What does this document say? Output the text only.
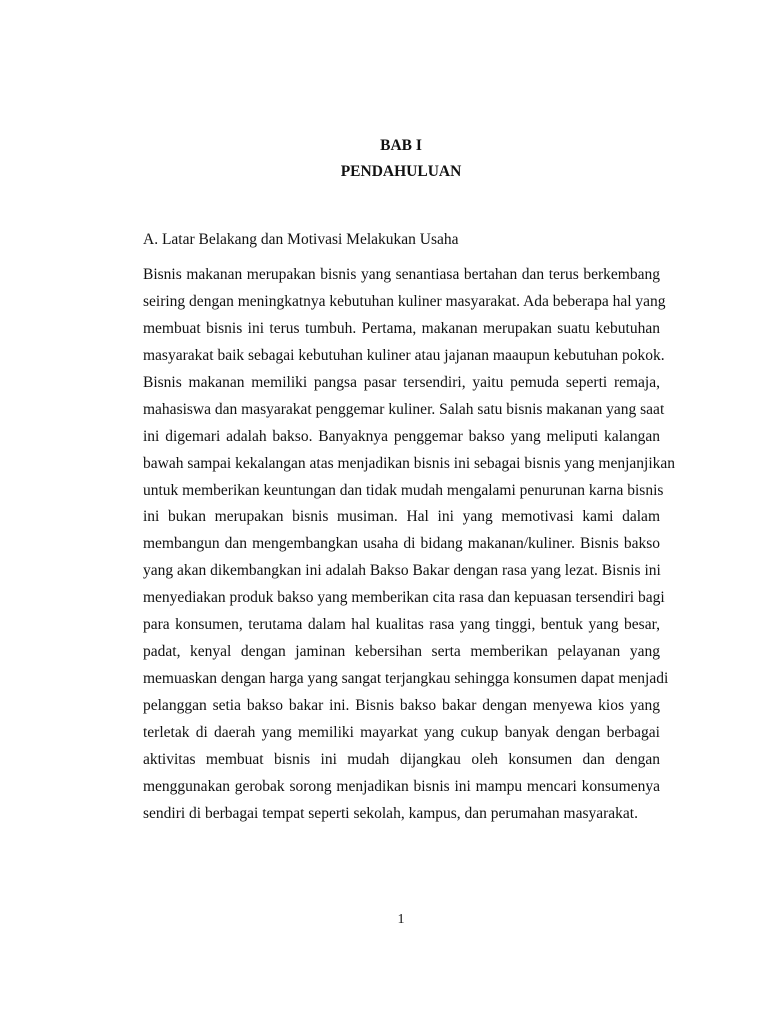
BAB I
PENDAHULUAN
A. Latar Belakang dan Motivasi Melakukan Usaha
Bisnis makanan merupakan bisnis yang senantiasa bertahan dan terus berkembang
seiring dengan meningkatnya kebutuhan kuliner masyarakat. Ada beberapa hal yang
membuat bisnis ini terus tumbuh. Pertama, makanan merupakan suatu kebutuhan
masyarakat baik sebagai kebutuhan kuliner atau jajanan maaupun kebutuhan pokok.
Bisnis makanan memiliki pangsa pasar tersendiri, yaitu pemuda seperti remaja,
mahasiswa dan masyarakat penggemar kuliner. Salah satu bisnis makanan yang saat
ini digemari adalah bakso. Banyaknya penggemar bakso yang meliputi kalangan
bawah sampai kekalangan atas menjadikan bisnis ini sebagai bisnis yang menjanjikan
untuk memberikan keuntungan dan tidak mudah mengalami penurunan karna bisnis
ini bukan merupakan bisnis musiman. Hal ini yang memotivasi kami dalam
membangun dan mengembangkan usaha di bidang makanan/kuliner. Bisnis bakso
yang akan dikembangkan ini adalah Bakso Bakar dengan rasa yang lezat. Bisnis ini
menyediakan produk bakso yang memberikan cita rasa dan kepuasan tersendiri bagi
para konsumen, terutama dalam hal kualitas rasa yang tinggi, bentuk yang besar,
padat, kenyal dengan jaminan kebersihan serta memberikan pelayanan yang
memuaskan dengan harga yang sangat terjangkau sehingga konsumen dapat menjadi
pelanggan setia bakso bakar ini. Bisnis bakso bakar dengan menyewa kios yang
terletak di daerah yang memiliki mayarkat yang cukup banyak dengan berbagai
aktivitas membuat bisnis ini mudah dijangkau oleh konsumen dan dengan
menggunakan gerobak sorong menjadikan bisnis ini mampu mencari konsumenya
sendiri di berbagai tempat seperti sekolah, kampus, dan perumahan masyarakat.
1
